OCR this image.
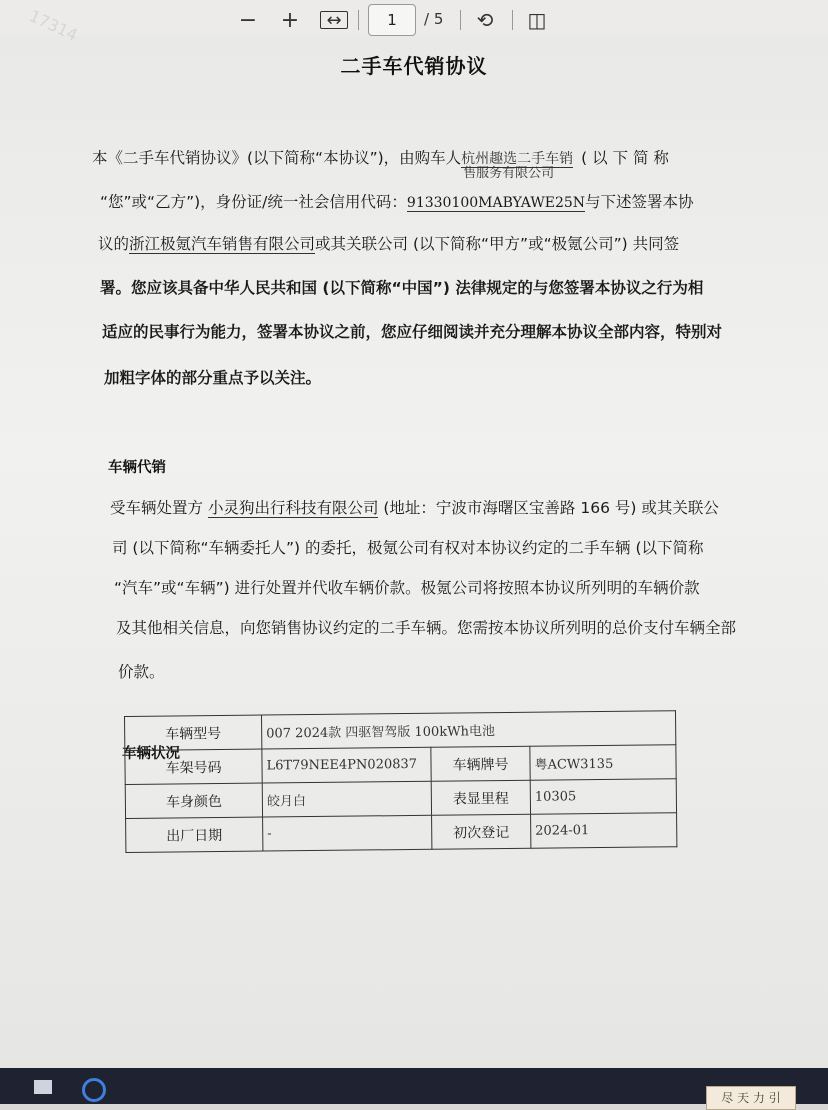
− +	↔	1	/ 5 ⟲ ◫
17314
二手车代销协议
本《二手车代销协议》(以下简称“本协议”)，由购车人杭州趣选二手车销
售服务有限公司
( 以 下 简 称
“您”或“乙方”)，身份证/统一社会信用代码：91330100MABYAWE25N与下述签署本协
议的浙江极氪汽车销售有限公司或其关联公司 (以下简称“甲方”或“极氪公司”) 共同签
署。您应该具备中华人民共和国 (以下简称“中国”) 法律规定的与您签署本协议之行为相
适应的民事行为能力，签署本协议之前，您应仔细阅读并充分理解本协议全部内容，特别对
加粗字体的部分重点予以关注。
车辆代销
受车辆处置方 小灵狗出行科技有限公司 (地址：宁波市海曙区宝善路 166 号) 或其关联公
司 (以下简称“车辆委托人”) 的委托，极氪公司有权对本协议约定的二手车辆 (以下简称
“汽车”或“车辆”) 进行处置并代收车辆价款。极氪公司将按照本协议所列明的车辆价款
及其他相关信息，向您销售协议约定的二手车辆。您需按本协议所列明的总价支付车辆全部
价款。
车辆状况
车辆型号	007 2024款 四驱智驾版 100kWh电池		
车架号码	L6T79NEE4PN020837	车辆牌号	粤ACW3135
车身颜色	皎月白	表显里程	10305
出厂日期	-	初次登记	2024-01
尽 天 力 引
